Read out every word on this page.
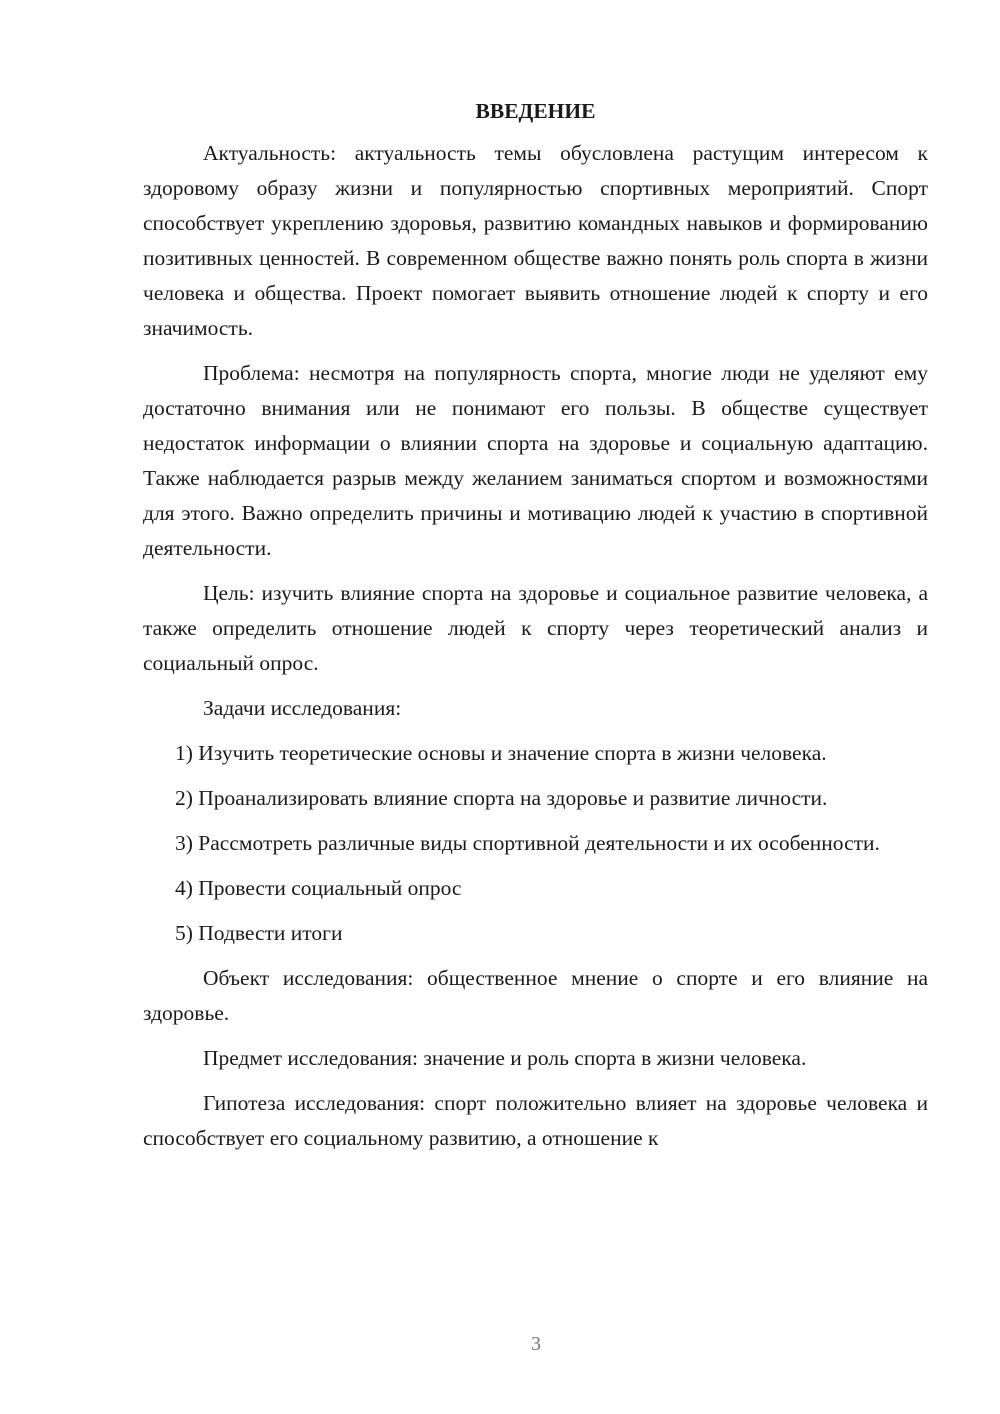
ВВЕДЕНИЕ

Актуальность: актуальность темы обусловлена растущим интересом к здоровому образу жизни и популярностью спортивных мероприятий. Спорт способствует укреплению здоровья, развитию командных навыков и формированию позитивных ценностей. В современном обществе важно понять роль спорта в жизни человека и общества. Проект помогает выявить отношение людей к спорту и его значимость.

Проблема: несмотря на популярность спорта, многие люди не уделяют ему достаточно внимания или не понимают его пользы. В обществе существует недостаток информации о влиянии спорта на здоровье и социальную адаптацию. Также наблюдается разрыв между желанием заниматься спортом и возможностями для этого. Важно определить причины и мотивацию людей к участию в спортивной деятельности.

Цель: изучить влияние спорта на здоровье и социальное развитие человека, а также определить отношение людей к спорту через теоретический анализ и социальный опрос.

Задачи исследования:

1) Изучить теоретические основы и значение спорта в жизни человека.

2) Проанализировать влияние спорта на здоровье и развитие личности.

3) Рассмотреть различные виды спортивной деятельности и их особенности.

4) Провести социальный опрос

5) Подвести итоги

Объект исследования: общественное мнение о спорте и его влияние на здоровье.

Предмет исследования: значение и роль спорта в жизни человека.

Гипотеза исследования: спорт положительно влияет на здоровье человека и способствует его социальному развитию, а отношение к

3
